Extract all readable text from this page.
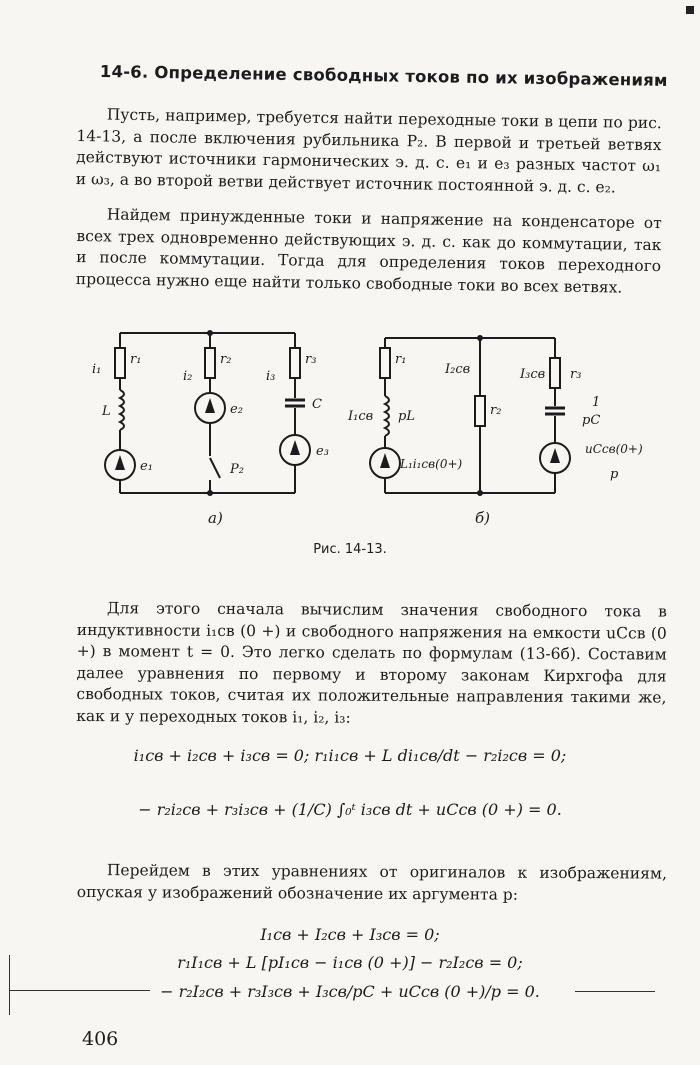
14-6. Определение свободных токов по их изображениям
Пусть, например, требуется найти переходные токи в цепи по рис. 14-13, а после включения рубильника P₂. В первой и третьей ветвях действуют источники гармонических э. д. с. e₁ и e₃ разных частот ω₁ и ω₃, а во второй ветви действует источник постоянной э. д. с. e₂.
Найдем принужденные токи и напряжение на конденсаторе от всех трех одновременно действующих э. д. с. как до коммутации, так и после коммутации. Тогда для определения токов переходного процесса нужно еще найти только свободные токи во всех ветвях.
i₁
r₁
L
e₁
i₂
r₂
e₂
P₂
i₃
r₃
C
e₃
r₁
I₂св	I₃св r₃
I₁св pL	r₂
1
pC
L₁i₁св(0+)
uCсв(0+)
p
a)	б)
Рис. 14-13.
Для этого сначала вычислим значения свободного тока в индуктивности i₁св (0 +) и свободного напряжения на емкости uCсв (0 +) в момент t = 0. Это легко сделать по формулам (13-6б). Составим далее уравнения по первому и второму законам Кирхгофа для свободных токов, считая их положительные направления такими же, как и у переходных токов i₁, i₂, i₃:
i₁св + i₂св + i₃св = 0; r₁i₁св + L di₁св/dt − r₂i₂св = 0;
− r₂i₂св + r₃i₃св + (1/C) ∫₀ᵗ i₃св dt + uCсв (0 +) = 0.
Перейдем в этих уравнениях от оригиналов к изображениям, опуская у изображений обозначение их аргумента p:
I₁св + I₂св + I₃св = 0;
r₁I₁св + L [pI₁св − i₁св (0 +)] − r₂I₂св = 0;
− r₂I₂св + r₃I₃св + I₃св/pC + uCсв (0 +)/p = 0.
406
